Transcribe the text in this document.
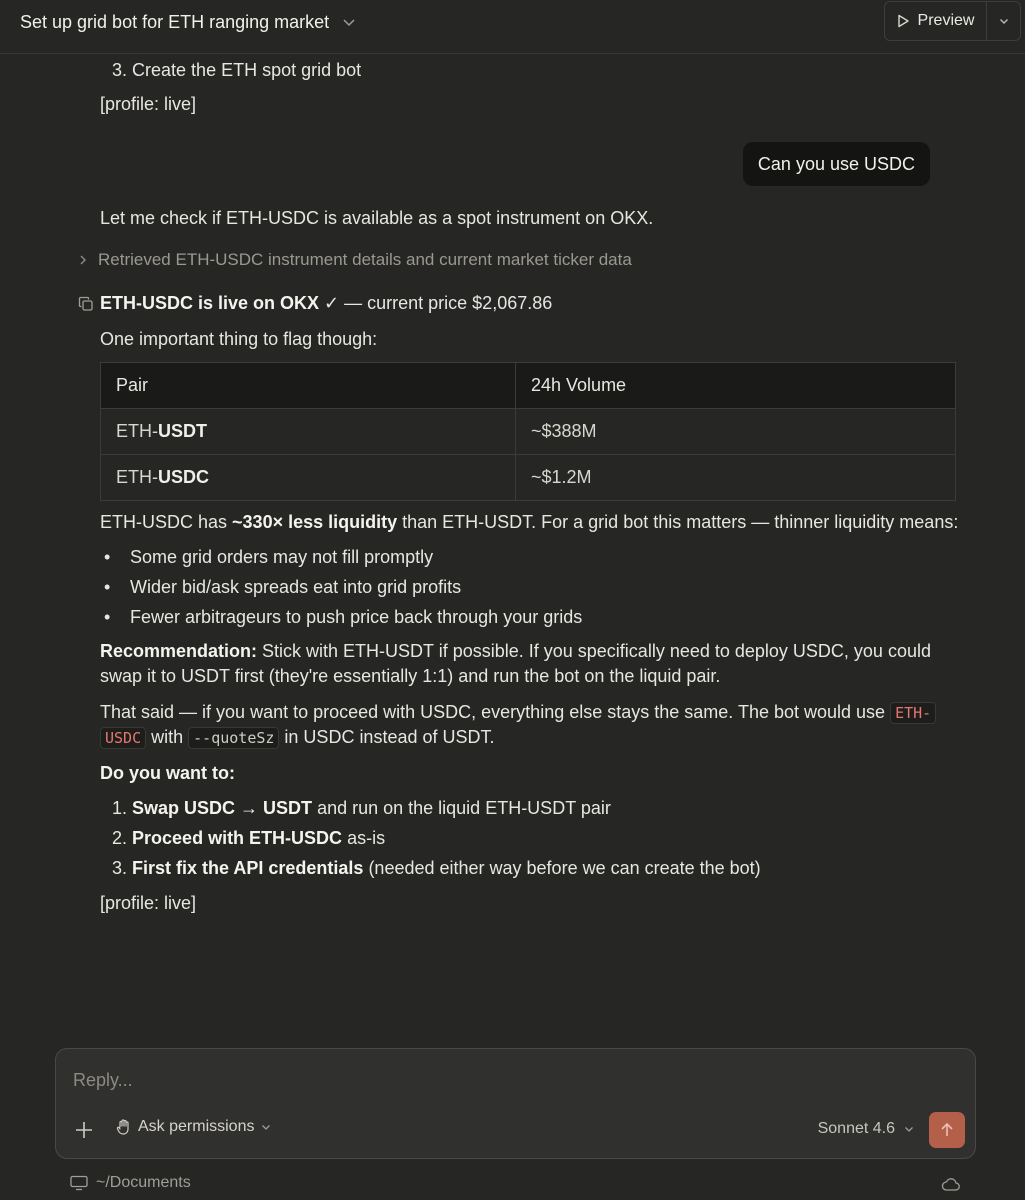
Set up grid bot for ETH ranging market	Preview
3. Create the ETH spot grid bot
[profile: live]
Can you use USDC
Let me check if ETH-USDC is available as a spot instrument on OKX.
Retrieved ETH-USDC instrument details and current market ticker data
ETH-USDC is live on OKX ✓ — current price $2,067.86
One important thing to flag though:
Pair	24h Volume
ETH-USDT	~$388M
ETH-USDC	~$1.2M
ETH-USDC has ~330× less liquidity than ETH-USDT. For a grid bot this matters — thinner liquidity means:
• Some grid orders may not fill promptly
• Wider bid/ask spreads eat into grid profits
• Fewer arbitrageurs to push price back through your grids
Recommendation: Stick with ETH-USDT if possible. If you specifically need to deploy USDC, you could
swap it to USDT first (they're essentially 1:1) and run the bot on the liquid pair.
That said — if you want to proceed with USDC, everything else stays the same. The bot would use ETH-
USDC with --quoteSz in USDC instead of USDT.
Do you want to:
1. Swap USDC → USDT and run on the liquid ETH-USDT pair
2. Proceed with ETH-USDC as-is
3. First fix the API credentials (needed either way before we can create the bot)
[profile: live]
Reply...
Ask permissions	Sonnet 4.6
~/Documents
